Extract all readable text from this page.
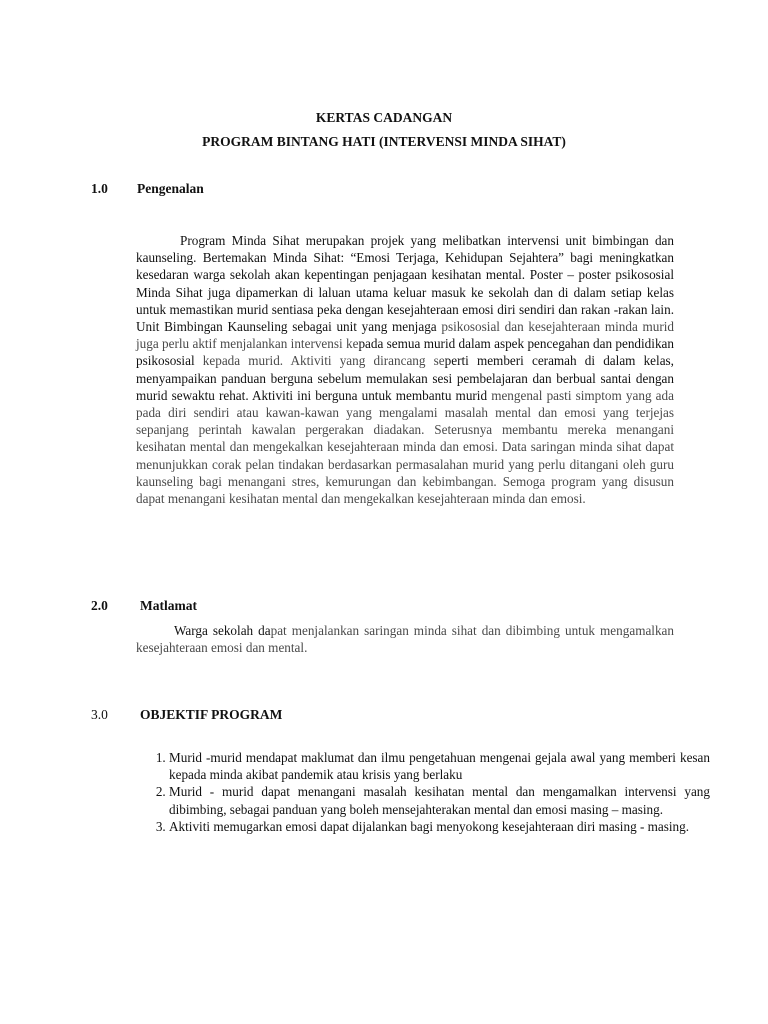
KERTAS CADANGAN
PROGRAM BINTANG HATI (INTERVENSI MINDA SIHAT)
1.0 Pengenalan
Program Minda Sihat merupakan projek yang melibatkan intervensi unit bimbingan dan kaunseling. Bertemakan Minda Sihat: “Emosi Terjaga, Kehidupan Sejahtera” bagi meningkatkan kesedaran warga sekolah akan kepentingan penjagaan kesihatan mental. Poster – poster psikososial Minda Sihat juga dipamerkan di laluan utama keluar masuk ke sekolah dan di dalam setiap kelas untuk memastikan murid sentiasa peka dengan kesejahteraan emosi diri sendiri dan rakan -rakan lain. Unit Bimbingan Kaunseling sebagai unit yang menjaga psikososial dan kesejahteraan minda murid juga perlu aktif menjalankan intervensi kepada semua murid dalam aspek pencegahan dan pendidikan psikososial kepada murid. Aktiviti yang dirancang seperti memberi ceramah di dalam kelas, menyampaikan panduan berguna sebelum memulakan sesi pembelajaran dan berbual santai dengan murid sewaktu rehat. Aktiviti ini berguna untuk membantu murid mengenal pasti simptom yang ada pada diri sendiri atau kawan-kawan yang mengalami masalah mental dan emosi yang terjejas sepanjang perintah kawalan pergerakan diadakan. Seterusnya membantu mereka menangani kesihatan mental dan mengekalkan kesejahteraan minda dan emosi. Data saringan minda sihat dapat menunjukkan corak pelan tindakan berdasarkan permasalahan murid yang perlu ditangani oleh guru kaunseling bagi menangani stres, kemurungan dan kebimbangan. Semoga program yang disusun dapat menangani kesihatan mental dan mengekalkan kesejahteraan minda dan emosi.
2.0 Matlamat
Warga sekolah dapat menjalankan saringan minda sihat dan dibimbing untuk mengamalkan kesejahteraan emosi dan mental.
3.0 OBJEKTIF PROGRAM
1. Murid -murid mendapat maklumat dan ilmu pengetahuan mengenai gejala awal yang memberi kesan kepada minda akibat pandemik atau krisis yang berlaku
2. Murid - murid dapat menangani masalah kesihatan mental dan mengamalkan intervensi yang dibimbing, sebagai panduan yang boleh mensejahterakan mental dan emosi masing – masing.
3. Aktiviti memugarkan emosi dapat dijalankan bagi menyokong kesejahteraan diri masing - masing.
